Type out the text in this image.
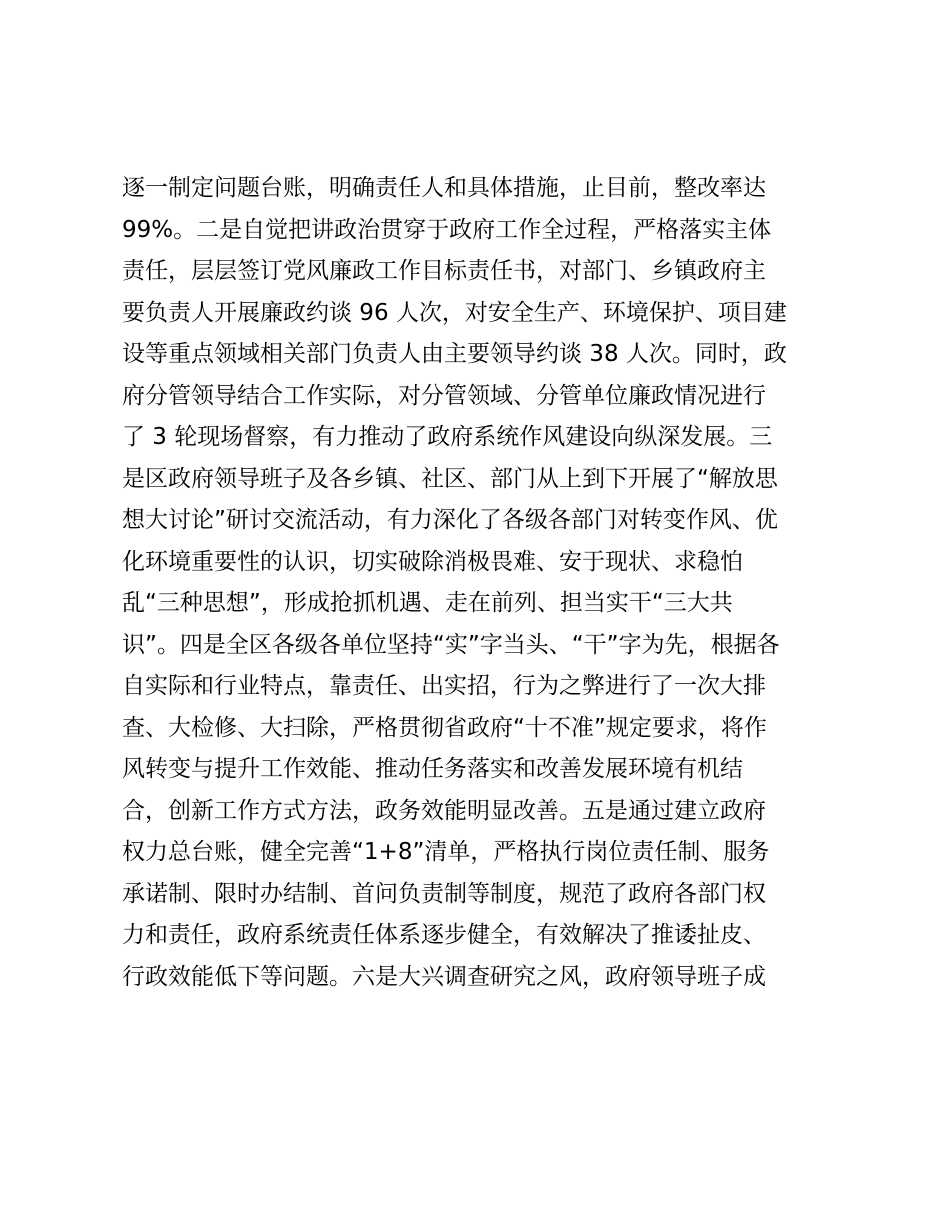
逐一制定问题台账，明确责任人和具体措施，止目前，整改率达
99%。二是自觉把讲政治贯穿于政府工作全过程，严格落实主体
责任，层层签订党风廉政工作目标责任书，对部门、乡镇政府主
要负责人开展廉政约谈 96 人次，对安全生产、环境保护、项目建
设等重点领域相关部门负责人由主要领导约谈 38 人次。同时，政
府分管领导结合工作实际，对分管领域、分管单位廉政情况进行
了 3 轮现场督察，有力推动了政府系统作风建设向纵深发展。三
是区政府领导班子及各乡镇、社区、部门从上到下开展了“解放思
想大讨论”研讨交流活动，有力深化了各级各部门对转变作风、优
化环境重要性的认识，切实破除消极畏难、安于现状、求稳怕
乱“三种思想”，形成抢抓机遇、走在前列、担当实干“三大共
识”。四是全区各级各单位坚持“实”字当头、“干”字为先，根据各
自实际和行业特点，靠责任、出实招，行为之弊进行了一次大排
查、大检修、大扫除，严格贯彻省政府“十不准”规定要求，将作
风转变与提升工作效能、推动任务落实和改善发展环境有机结
合，创新工作方式方法，政务效能明显改善。五是通过建立政府
权力总台账，健全完善“1+8”清单，严格执行岗位责任制、服务
承诺制、限时办结制、首问负责制等制度，规范了政府各部门权
力和责任，政府系统责任体系逐步健全，有效解决了推诿扯皮、
行政效能低下等问题。六是大兴调查研究之风，政府领导班子成
